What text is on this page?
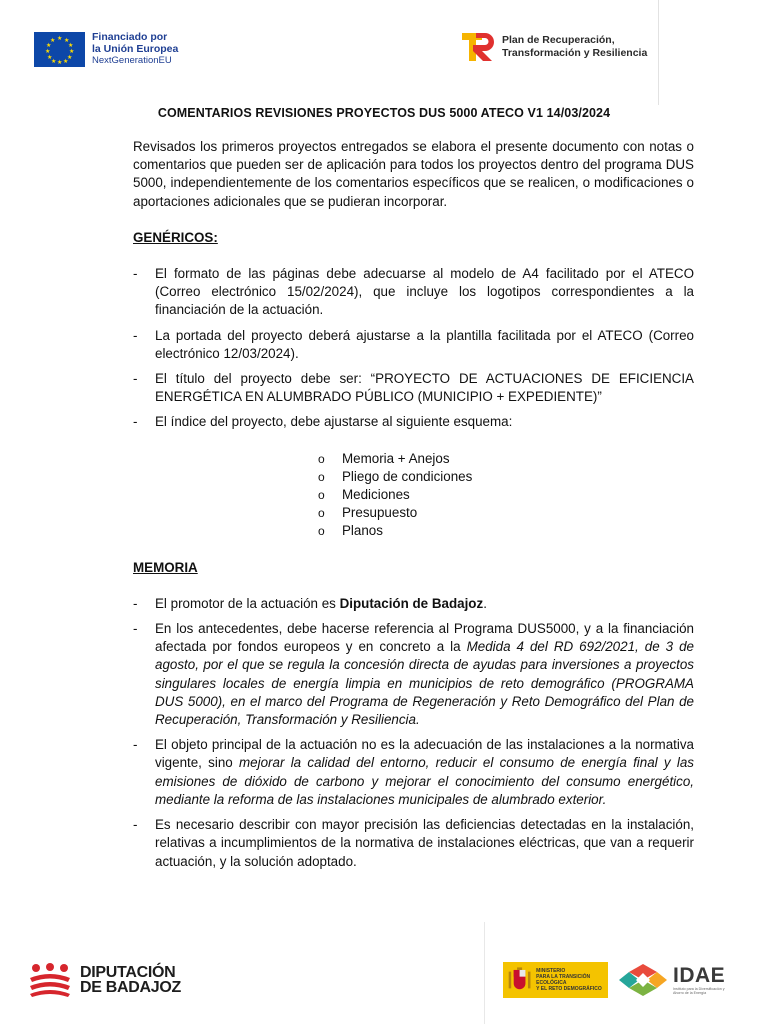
★ ★
★
★
★
★
★
★
★
★
★
★	Financiado por
la Unión Europea
NextGenerationEU
Plan de Recuperación,
Transformación y Resiliencia
COMENTARIOS REVISIONES PROYECTOS DUS 5000 ATECO V1 14/03/2024

Revisados los primeros proyectos entregados se elabora el presente documento con notas o comentarios que pueden ser de aplicación para todos los proyectos dentro del programa DUS 5000, independientemente de los comentarios específicos que se realicen, o modificaciones o aportaciones adicionales que se pudieran incorporar.

GENÉRICOS:

- El formato de las páginas debe adecuarse al modelo de A4 facilitado por el ATECO (Correo electrónico 15/02/2024), que incluye los logotipos correspondientes a la financiación de la actuación.
- La portada del proyecto deberá ajustarse a la plantilla facilitada por el ATECO (Correo electrónico 12/03/2024).
- El título del proyecto debe ser: “PROYECTO DE ACTUACIONES DE EFICIENCIA ENERGÉTICA EN ALUMBRADO PÚBLICO (MUNICIPIO + EXPEDIENTE)”
- El índice del proyecto, debe ajustarse al siguiente esquema:
o Memoria + Anejos
o Pliego de condiciones
o Mediciones
o Presupuesto
o Planos

MEMORIA

- El promotor de la actuación es Diputación de Badajoz.
- En los antecedentes, debe hacerse referencia al Programa DUS5000, y a la financiación afectada por fondos europeos y en concreto a la Medida 4 del RD 692/2021, de 3 de agosto, por el que se regula la concesión directa de ayudas para inversiones a proyectos singulares locales de energía limpia en municipios de reto demográfico (PROGRAMA DUS 5000), en el marco del Programa de Regeneración y Reto Demográfico del Plan de Recuperación, Transformación y Resiliencia.
- El objeto principal de la actuación no es la adecuación de las instalaciones a la normativa vigente, sino mejorar la calidad del entorno, reducir el consumo de energía final y las emisiones de dióxido de carbono y mejorar el conocimiento del consumo energético, mediante la reforma de las instalaciones municipales de alumbrado exterior.
- Es necesario describir con mayor precisión las deficiencias detectadas en la instalación, relativas a incumplimientos de la normativa de instalaciones eléctricas, que van a requerir actuación, y la solución adoptado.
DIPUTACIÓN
DE BADAJOZ
MINISTERIO
PARA LA TRANSICIÓN ECOLÓGICA
Y EL RETO DEMOGRÁFICO
IDAE
Instituto para la Diversificación y Ahorro de la Energía
